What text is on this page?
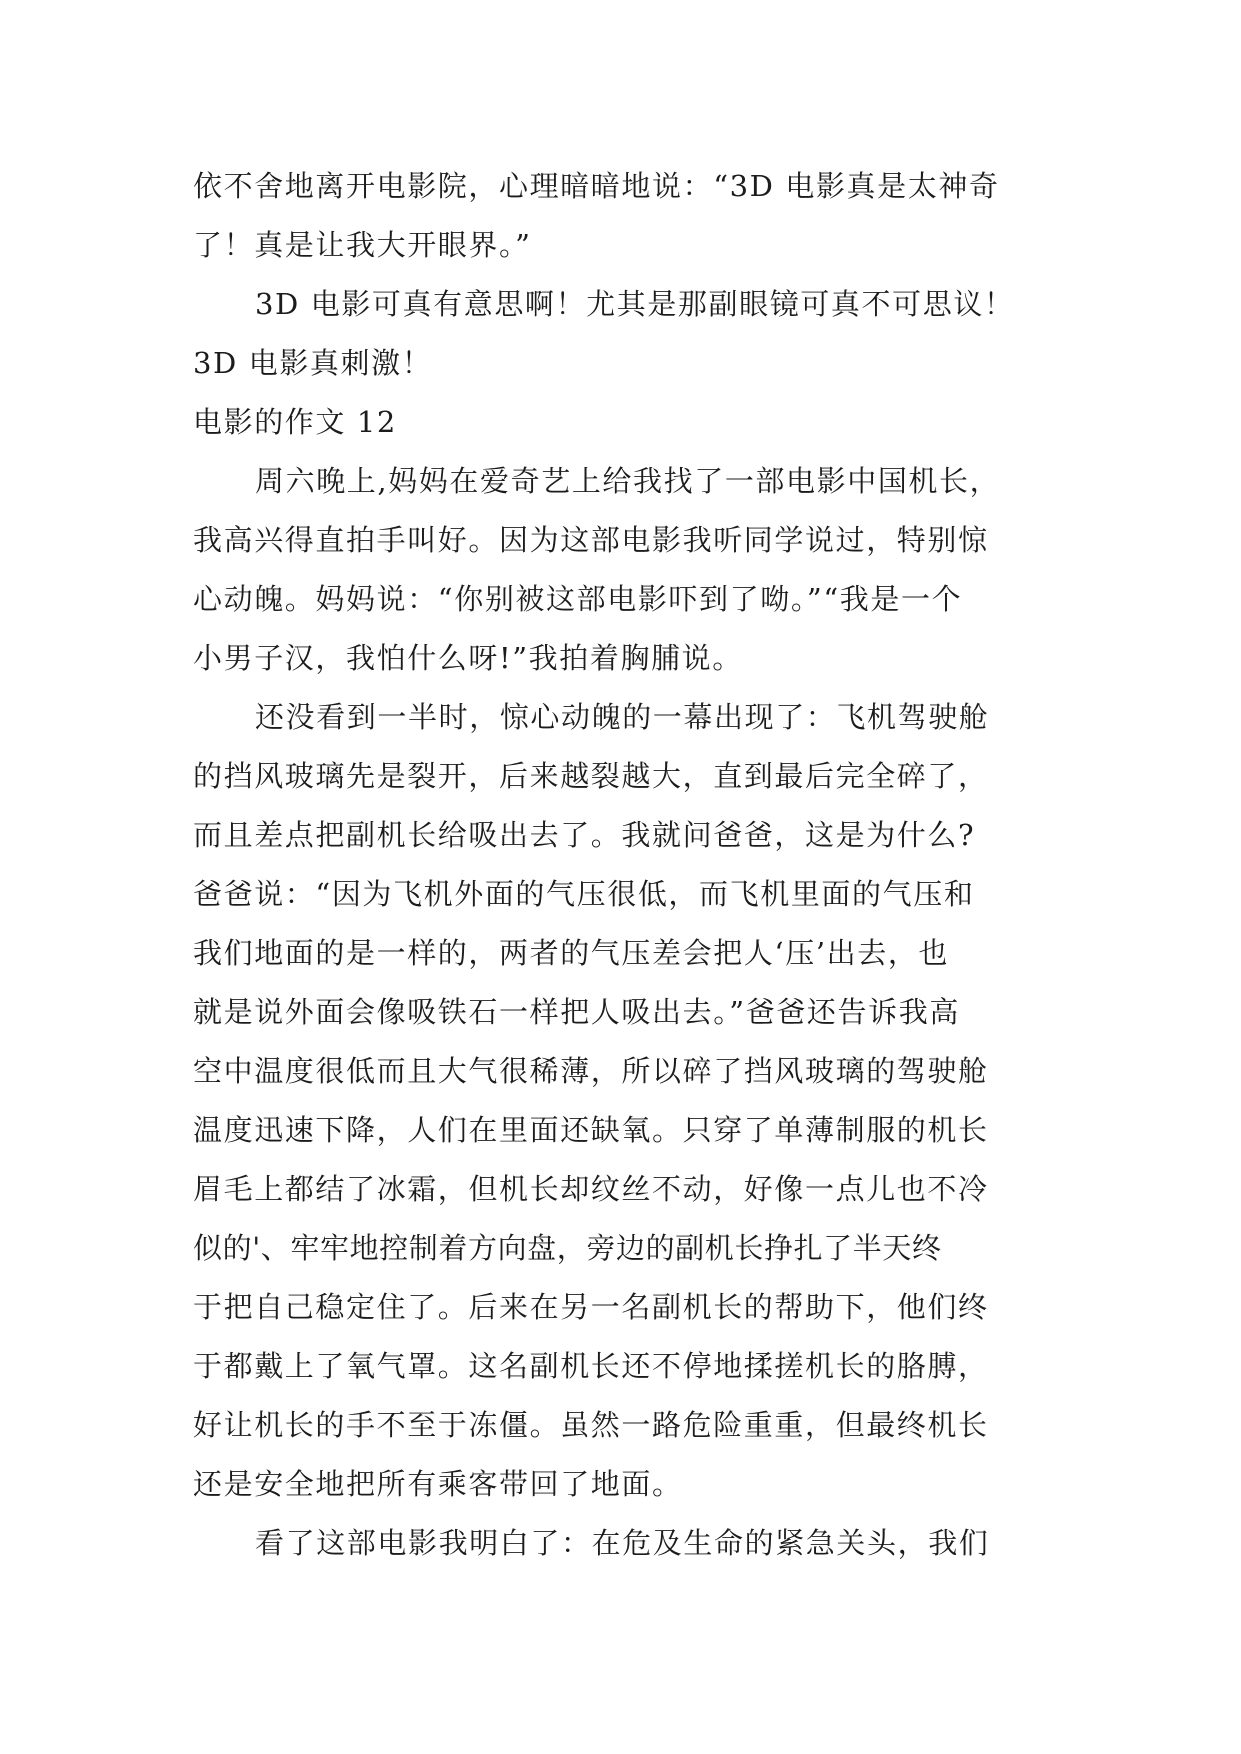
依不舍地离开电影院，心理暗暗地说：“3D 电影真是太神奇
了！真是让我大开眼界。”
3D 电影可真有意思啊！尤其是那副眼镜可真不可思议！
3D 电影真刺激！
电影的作文 12
周六晚上,妈妈在爱奇艺上给我找了一部电影中国机长，
我高兴得直拍手叫好。因为这部电影我听同学说过，特别惊
心动魄。妈妈说：“你别被这部电影吓到了呦。”“我是一个
小男子汉，我怕什么呀!”我拍着胸脯说。
还没看到一半时，惊心动魄的一幕出现了：飞机驾驶舱
的挡风玻璃先是裂开，后来越裂越大，直到最后完全碎了，
而且差点把副机长给吸出去了。我就问爸爸，这是为什么?
爸爸说：“因为飞机外面的气压很低，而飞机里面的气压和
我们地面的是一样的，两者的气压差会把人‘压’出去，也
就是说外面会像吸铁石一样把人吸出去。”爸爸还告诉我高
空中温度很低而且大气很稀薄，所以碎了挡风玻璃的驾驶舱
温度迅速下降，人们在里面还缺氧。只穿了单薄制服的机长
眉毛上都结了冰霜，但机长却纹丝不动，好像一点儿也不冷
似的'、牢牢地控制着方向盘，旁边的副机长挣扎了半天终
于把自己稳定住了。后来在另一名副机长的帮助下，他们终
于都戴上了氧气罩。这名副机长还不停地揉搓机长的胳膊，
好让机长的手不至于冻僵。虽然一路危险重重，但最终机长
还是安全地把所有乘客带回了地面。
看了这部电影我明白了：在危及生命的紧急关头，我们
